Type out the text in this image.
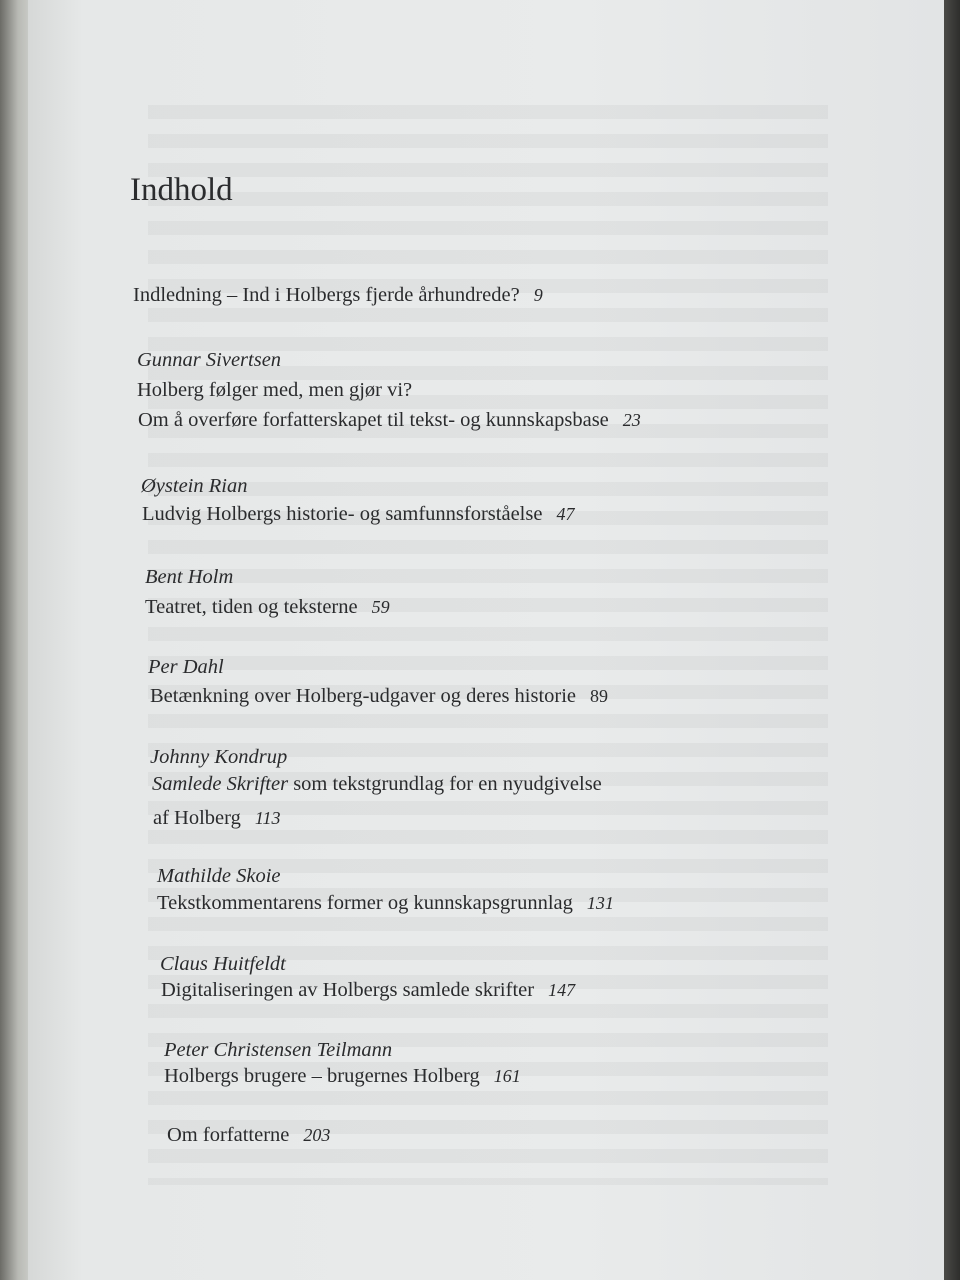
Indhold
Indledning – Ind i Holbergs fjerde århundrede? 9
Gunnar Sivertsen
Holberg følger med, men gjør vi?
Om å overføre forfatterskapet til tekst- og kunnskapsbase 23
Øystein Rian
Ludvig Holbergs historie- og samfunnsforståelse 47
Bent Holm
Teatret, tiden og teksterne 59
Per Dahl
Betænkning over Holberg-udgaver og deres historie 89
Johnny Kondrup
Samlede Skrifter som tekstgrundlag for en nyudgivelse
af Holberg 113
Mathilde Skoie
Tekstkommentarens former og kunnskapsgrunnlag 131
Claus Huitfeldt
Digitaliseringen av Holbergs samlede skrifter 147
Peter Christensen Teilmann
Holbergs brugere – brugernes Holberg 161
Om forfatterne 203
